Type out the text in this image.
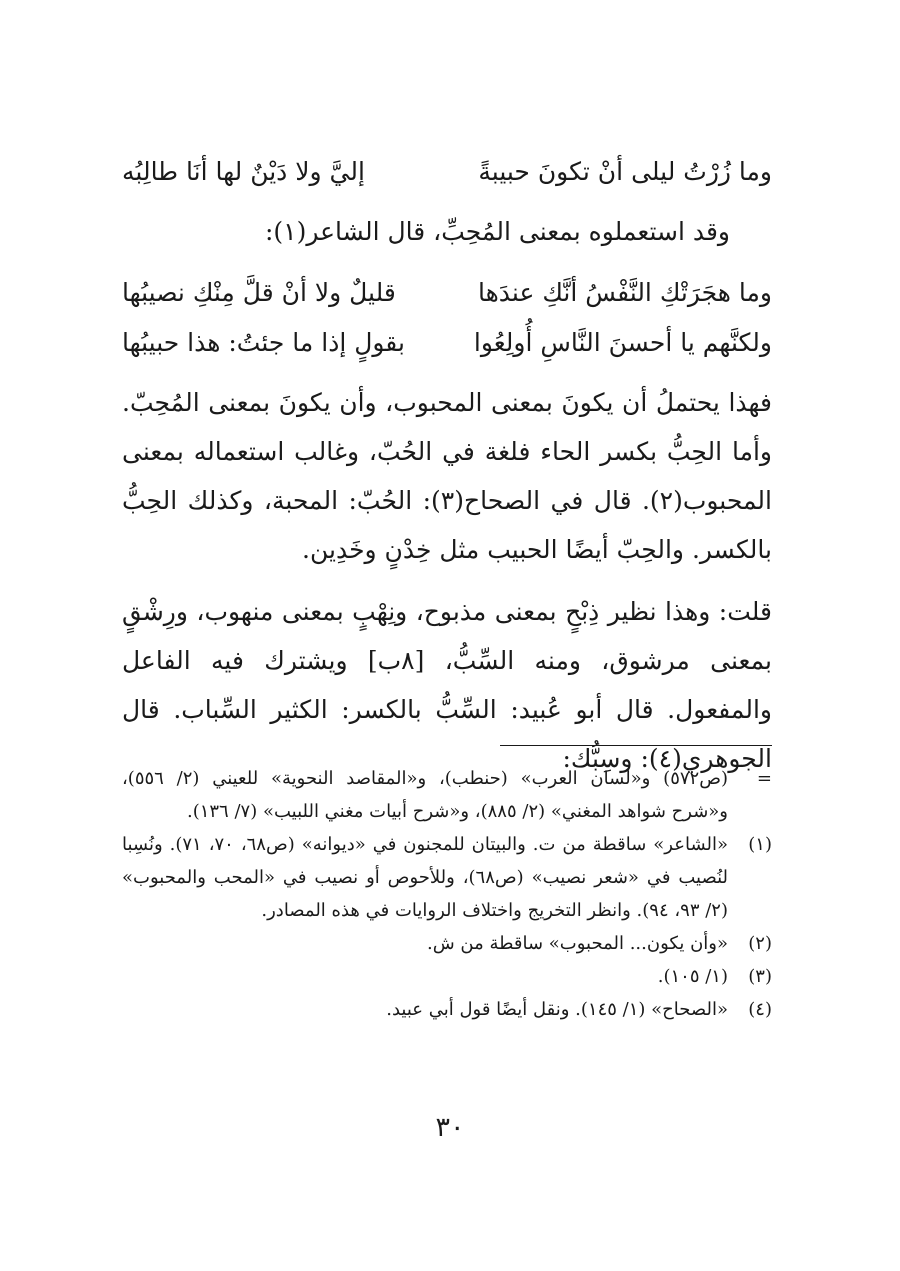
وما زُرْتُ ليلى أنْ تكونَ حبيبةً
إليَّ ولا دَيْنٌ لها أنَا طالِبُه
وقد استعملوه بمعنى المُحِبِّ، قال الشاعر(١):
وما هجَرَتْكِ النَّفْسُ أنَّكِ عندَها
قليلٌ ولا أنْ قلَّ مِنْكِ نصيبُها
ولكنَّهم يا أحسنَ النَّاسِ أُولِعُوا
بقولٍ إذا ما جئتُ: هذا حبيبُها

فهذا يحتملُ أن يكونَ بمعنى المحبوب، وأن يكونَ بمعنى المُحِبّ. وأما الحِبُّ بكسر الحاء فلغة في الحُبّ، وغالب استعماله بمعنى المحبوب(٢). قال في الصحاح(٣): الحُبّ: المحبة، وكذلك الحِبُّ بالكسر. والحِبّ أيضًا الحبيب مثل خِدْنٍ وخَدِين.

قلت: وهذا نظير ذِبْحٍ بمعنى مذبوح، ونِهْبٍ بمعنى منهوب، ورِشْقٍ بمعنى مرشوق، ومنه السِّبُّ، [٨ب] ويشترك فيه الفاعل والمفعول. قال أبو عُبيد: السِّبُّ بالكسر: الكثير السِّباب. قال الجوهري(٤): وسِبُّك:

=
(ص٥٧٢) و«لسان العرب» (حنطب)، و«المقاصد النحوية» للعيني (٢/ ٥٥٦)، و«شرح شواهد المغني» (٢/ ٨٨٥)، و«شرح أبيات مغني اللبيب» (٧/ ١٣٦).
(١)
«الشاعر» ساقطة من ت. والبيتان للمجنون في «ديوانه» (ص٦٨، ٧٠، ٧١). ونُسِبا لنُصيب في «شعر نصيب» (ص٦٨)، وللأحوص أو نصيب في «المحب والمحبوب» (٢/ ٩٣، ٩٤). وانظر التخريج واختلاف الروايات في هذه المصادر.
(٢)
«وأن يكون... المحبوب» ساقطة من ش.
(٣)
(١/ ١٠٥).
(٤)
«الصحاح» (١/ ١٤٥). ونقل أيضًا قول أبي عبيد.
٣٠
